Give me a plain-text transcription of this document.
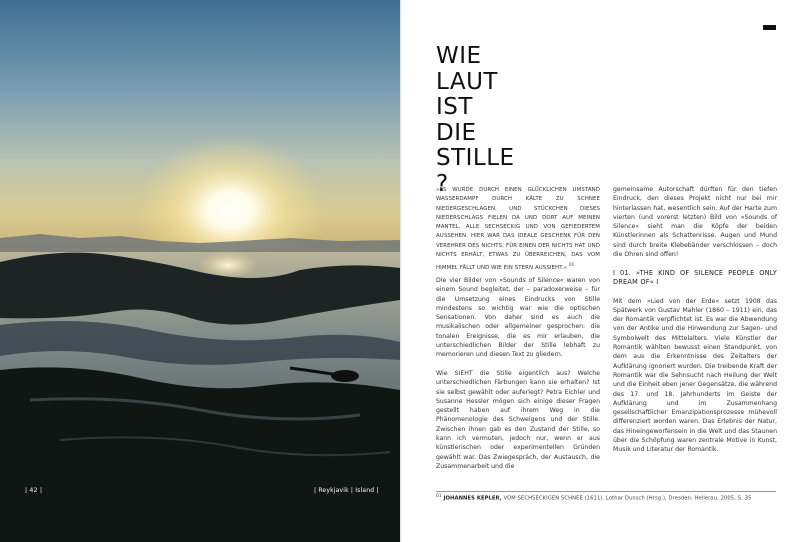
| 42 |	| Reykjavik | Island |
WIE
LAUT
IST
DIE
STILLE
?
»ES WURDE DURCH EINEN GLÜCKLICHEN UMSTAND WASSERDAMPF DURCH KÄLTE ZU SCHNEE NIEDERGESCHLAGEN, UND STÜCKCHEN DIESES NIEDERSCHLAGS FIELEN DA UND DORT AUF MEINEN MANTEL, ALLE SECHSECKIG UND VON GEFIEDERTEM AUSSEHEN. HIER WAR DAS IDEALE GESCHENK FÜR DEN VEREHRER DES NICHTS, FÜR EINEN DER NICHTS HAT UND NICHTS ERHÄLT, ETWAS ZU ÜBERREICHEN, DAS VOM HIMMEL FÄLLT UND WIE EIN STERN AUSSIEHT.« $^{01}$

Die vier Bilder von »Sounds of Silence« waren von einem Sound begleitet, der – paradoxerweise – für die Umsetzung eines Eindrucks von Stille mindestens so wichtig war wie die optischen Sensationen. Von daher sind es auch die musikalischen oder allgemeiner gesprochen: die tonalen Ereignisse, die es mir erlauben, die unterschiedlichen Bilder der Stille lebhaft zu memorieren und diesen Text zu gliedern.

Wie SIEHT die Stille eigentlich aus? Welche unterschiedlichen Färbungen kann sie erhalten? Ist sie selbst gewählt oder auferlegt? Petra Eichler und Susanne Hessler mögen sich einige dieser Fragen gestellt haben auf ihrem Weg in die Phänomenologie des Schweigens und der Stille. Zwischen ihnen gab es den Zustand der Stille, so kann ich vermuten, jedoch nur, wenn er aus künstlerischen oder experimentellen Gründen gewählt war. Das Zwiegespräch, der Austausch, die Zusammenarbeit und die

gemeinsame Autorschaft dürften für den tiefen Eindruck, den dieses Projekt nicht nur bei mir hinterlassen hat, wesentlich sein. Auf der Harte zum vierten (und vorerst letzten) Bild von »Sounds of Silence« sieht man die Köpfe der beiden Künstlerinnen als Schattenrisse. Augen und Mund sind durch breite Klebebänder verschlossen – doch die Ohren sind offen!

I 01. »THE KIND OF SILENCE PEOPLE ONLY DREAM OF« I

Mit dem »Lied von der Erde« setzt 1908 das Spätwerk von Gustav Mahler (1860 – 1911) ein, das der Romantik verpflichtet ist. Es war die Abwendung von der Antike und die Hinwendung zur Sagen- und Symbolwelt des Mittelalters. Viele Künstler der Romantik wählten bewusst einen Standpunkt, von dem aus die Erkenntnisse des Zeitalters der Aufklärung ignoriert wurden. Die treibende Kraft der Romantik war die Sehnsucht nach Heilung der Welt und die Einheit eben jener Gegensätze, die während des 17. und 18. Jahrhunderts im Geiste der Aufklärung und im Zusammenhang gesellschaftlicher Emanzipationsprozesse mühevoll differenziert worden waren. Das Erlebnis der Natur, das Hineingeworfensein in die Welt und das Staunen über die Schöpfung waren zentrale Motive in Kunst, Musik und Literatur der Romantik.

$^{01}$ JOHANNES KEPLER, VOM SECHSECKIGEN SCHNEE (1611). Lothar Dunsch (Hrsg.), Dresden: Hellerau, 2005, S. 35
